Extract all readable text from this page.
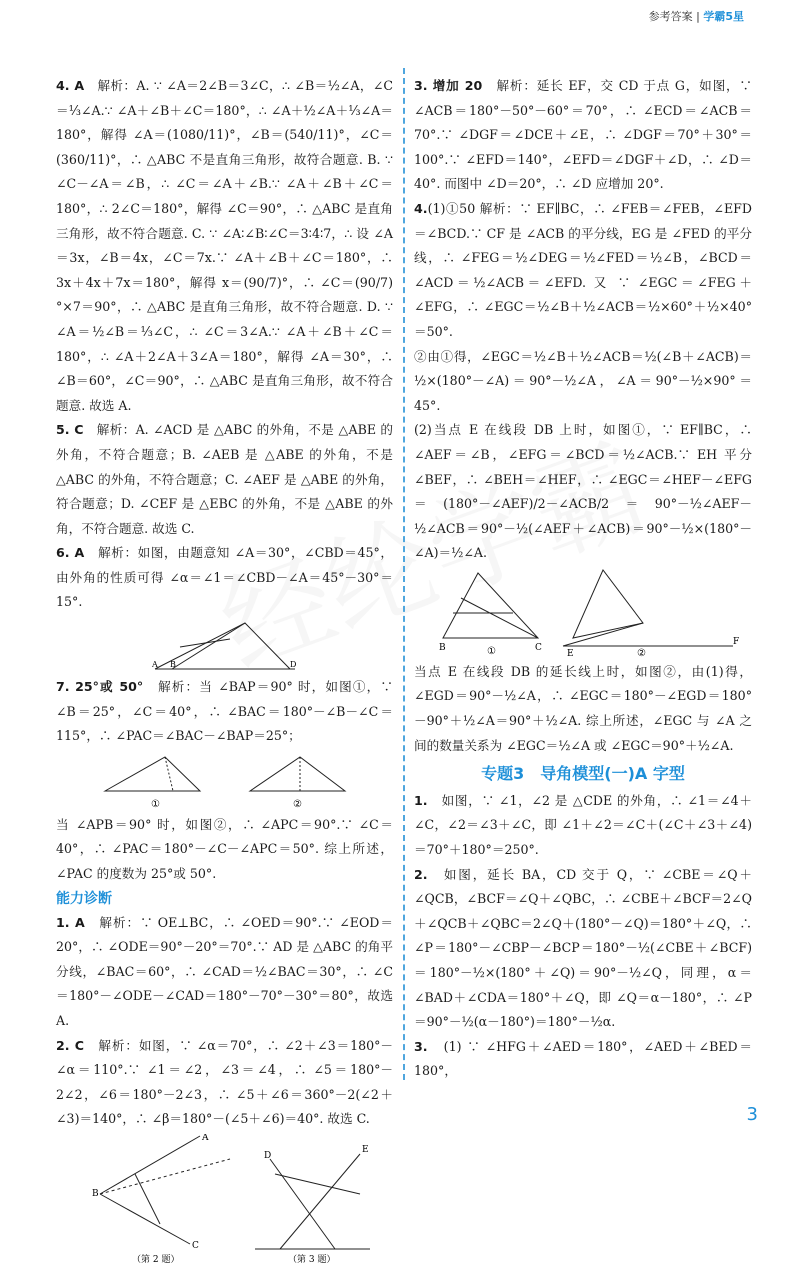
参考答案 | 学霸5星

4. A　 解析：A. ∵ ∠A＝2∠B＝3∠C，∴ ∠B＝½∠A，∠C＝⅓∠A.∵ ∠A＋∠B＋∠C＝180°，∴ ∠A＋½∠A＋⅓∠A＝180°，解得 ∠A＝(1080/11)°，∠B＝(540/11)°，∠C＝(360/11)°，∴ △ABC 不是直角三角形，故符合题意. B. ∵ ∠C－∠A＝∠B，∴ ∠C＝∠A＋∠B.∵ ∠A＋∠B＋∠C＝180°，∴ 2∠C＝180°，解得 ∠C＝90°，∴ △ABC 是直角三角形，故不符合题意. C. ∵ ∠A∶∠B∶∠C＝3∶4∶7，∴ 设 ∠A＝3x，∠B＝4x，∠C＝7x.∵ ∠A＋∠B＋∠C＝180°，∴ 3x＋4x＋7x＝180°，解得 x＝(90/7)°，∴ ∠C＝(90/7)°×7＝90°，∴ △ABC 是直角三角形，故不符合题意. D. ∵ ∠A＝½∠B＝⅓∠C，∴ ∠C＝3∠A.∵ ∠A＋∠B＋∠C＝180°，∴ ∠A＋2∠A＋3∠A＝180°，解得 ∠A＝30°，∴ ∠B＝60°，∠C＝90°，∴ △ABC 是直角三角形，故不符合题意. 故选 A.

5. C　 解析：A. ∠ACD 是 △ABC 的外角，不是 △ABE 的外角，不符合题意；B. ∠AEB 是 △ABE 的外角，不是 △ABC 的外角，不符合题意；C. ∠AEF 是 △ABE 的外角，符合题意；D. ∠CEF 是 △EBC 的外角，不是 △ABE 的外角，不符合题意. 故选 C.

6. A　 解析：如图，由题意知 ∠A＝30°，∠CBD＝45°，由外角的性质可得 ∠α＝∠1＝∠CBD－∠A＝45°－30°＝15°.

A B	D

7. 25°或 50°　 解析：当 ∠BAP＝90° 时，如图①，∵ ∠B＝25°，∠C＝40°，∴ ∠BAC＝180°－∠B－∠C＝115°，∴ ∠PAC＝∠BAC－∠BAP＝25°；

①	②

当 ∠APB＝90° 时，如图②，∴ ∠APC＝90°.∵ ∠C＝40°，∴ ∠PAC＝180°－∠C－∠APC＝50°. 综上所述，∠PAC 的度数为 25°或 50°.

能力诊断

1. A　 解析：∵ OE⊥BC，∴ ∠OED＝90°.∵ ∠EOD＝20°，∴ ∠ODE＝90°－20°＝70°.∵ AD 是 △ABC 的角平分线，∠BAC＝60°，∴ ∠CAD＝½∠BAC＝30°，∴ ∠C＝180°－∠ODE－∠CAD＝180°－70°－30°＝80°，故选 A.

2. C　 解析：如图，∵ ∠α＝70°，∴ ∠2＋∠3＝180°－∠α＝110°.∵ ∠1＝∠2，∠3＝∠4，∴ ∠5＝180°－2∠2，∠6＝180°－2∠3，∴ ∠5＋∠6＝360°－2(∠2＋∠3)＝140°，∴ ∠β＝180°－(∠5＋∠6)＝40°. 故选 C.

B
A
C
D
E
（第 2 题）	（第 3 题）

3. 增加 20　 解析：延长 EF，交 CD 于点 G，如图，∵ ∠ACB＝180°－50°－60°＝70°，∴ ∠ECD＝∠ACB＝70°.∵ ∠DGF＝∠DCE＋∠E，∴ ∠DGF＝70°＋30°＝100°.∵ ∠EFD＝140°，∠EFD＝∠DGF＋∠D，∴ ∠D＝40°. 而图中 ∠D＝20°，∴ ∠D 应增加 20°.

4.(1)①50 解析：∵ EF∥BC，∴ ∠FEB＝∠FEB，∠EFD＝∠BCD.∵ CF 是 ∠ACB 的平分线，EG 是 ∠FED 的平分线，∴ ∠FEG＝½∠DEG＝½∠FED＝½∠B，∠BCD＝∠ACD＝½∠ACB＝∠EFD. 又 ∵ ∠EGC＝∠FEG＋∠EFG，∴ ∠EGC＝½∠B＋½∠ACB＝½×60°＋½×40°＝50°.

②由①得，∠EGC＝½∠B＋½∠ACB＝½(∠B＋∠ACB)＝½×(180°－∠A)＝90°－½∠A，∠A＝90°－½×90°＝45°.

(2)当点 E 在线段 DB 上时，如图①，∵ EF∥BC，∴ ∠AEF＝∠B，∠EFG＝∠BCD＝½∠ACB.∵ EH 平分 ∠BEF，∴ ∠BEH＝∠HEF，∴ ∠EGC＝∠HEF－∠EFG＝(180°－∠AEF)/2－∠ACB/2＝90°－½∠AEF－½∠ACB＝90°－½(∠AEF＋∠ACB)＝90°－½×(180°－∠A)＝½∠A.

B	C
E
F
①	②

当点 E 在线段 DB 的延长线上时，如图②，由(1)得，∠EGD＝90°－½∠A，∴ ∠EGC＝180°－∠EGD＝180°－90°＋½∠A＝90°＋½∠A. 综上所述，∠EGC 与 ∠A 之间的数量关系为 ∠EGC＝½∠A 或 ∠EGC＝90°＋½∠A.

专题3　导角模型(一)A 字型

1.　 如图，∵ ∠1，∠2 是 △CDE 的外角，∴ ∠1＝∠4＋∠C，∠2＝∠3＋∠C，即 ∠1＋∠2＝∠C＋(∠C＋∠3＋∠4)＝70°＋180°＝250°.

2.　 如图，延长 BA，CD 交于 Q，∵ ∠CBE＝∠Q＋∠QCB，∠BCF＝∠Q＋∠QBC，∴ ∠CBE＋∠BCF＝2∠Q＋∠QCB＋∠QBC＝2∠Q＋(180°－∠Q)＝180°＋∠Q，∴ ∠P＝180°－∠CBP－∠BCP＝180°－½(∠CBE＋∠BCF)＝180°－½×(180°＋∠Q)＝90°－½∠Q，同理，α＝∠BAD＋∠CDA＝180°＋∠Q，即 ∠Q＝α－180°，∴ ∠P＝90°－½(α－180°)＝180°－½α.

3.　 (1) ∵ ∠HFG＋∠AED＝180°，∠AED＋∠BED＝180°，

3
